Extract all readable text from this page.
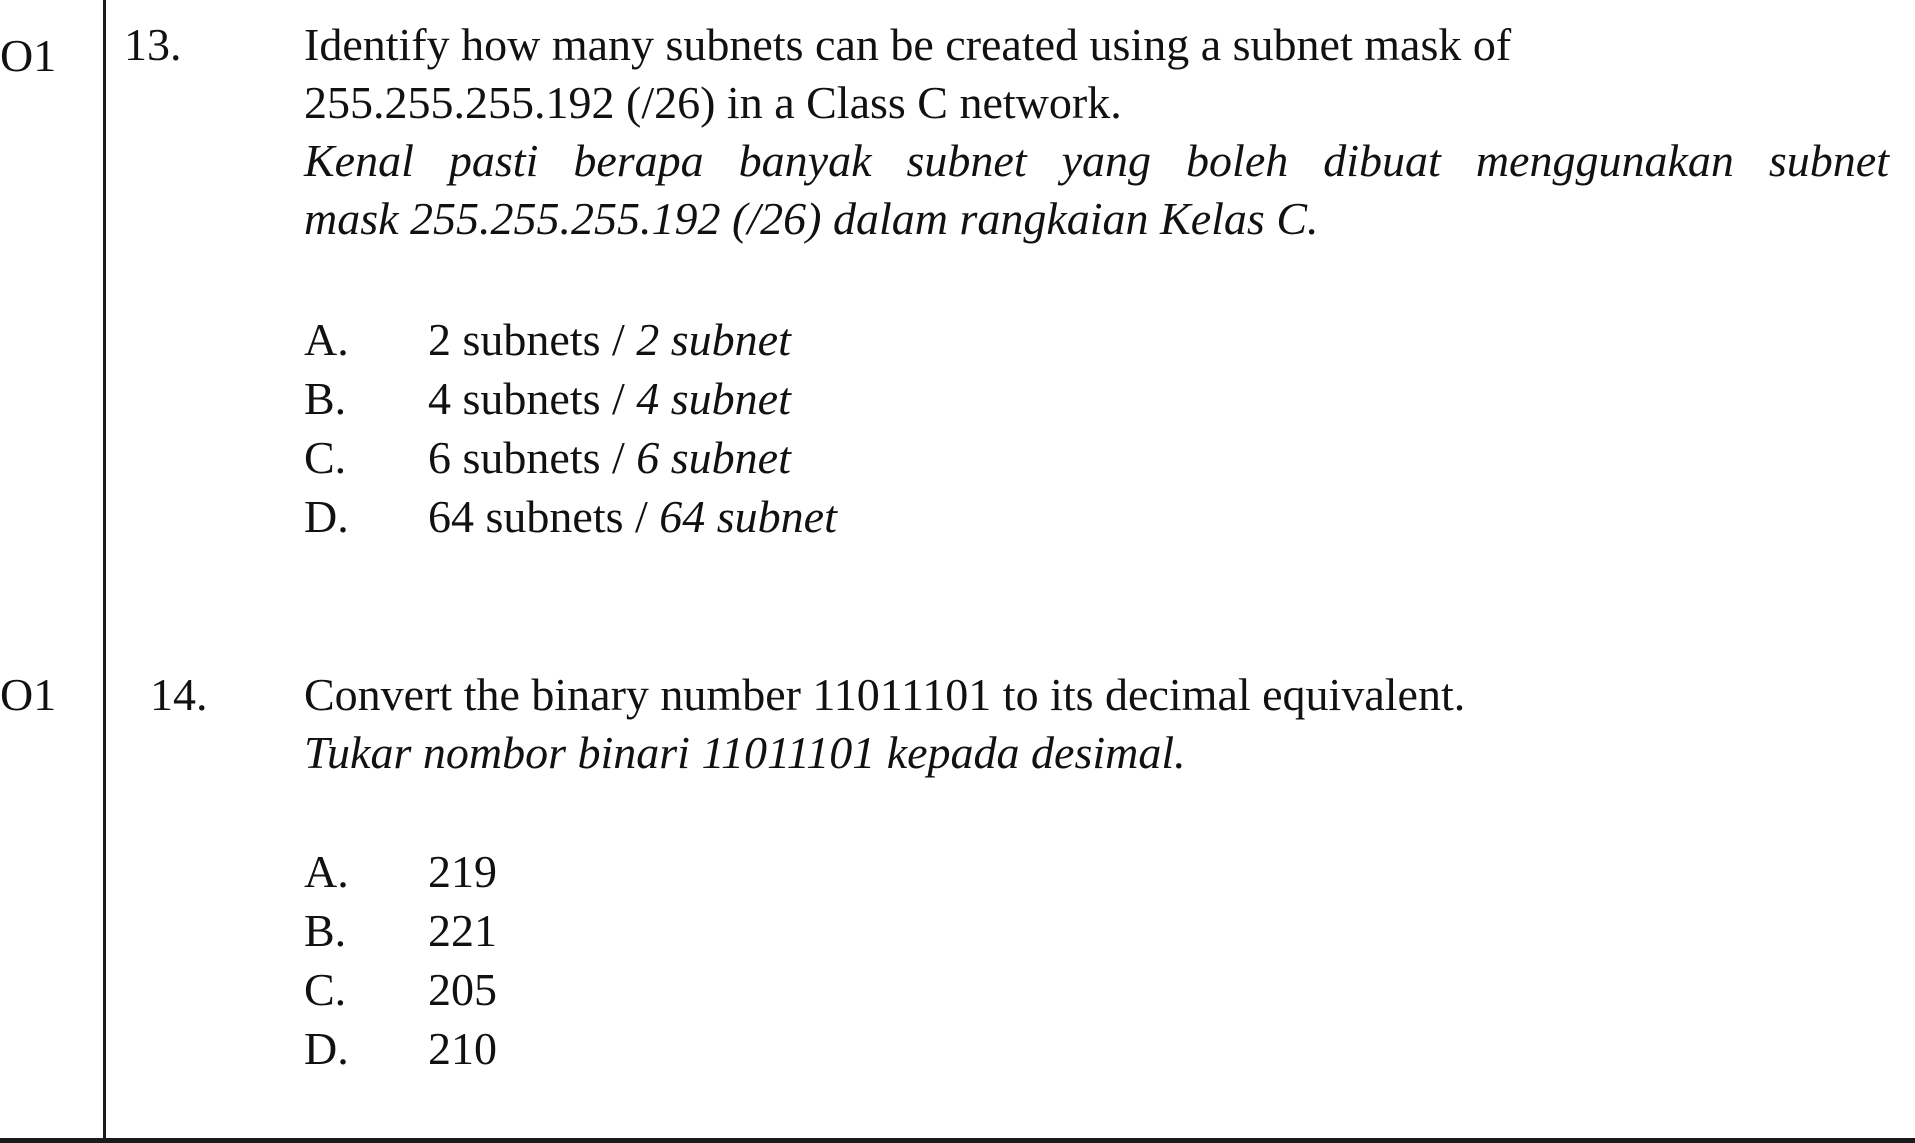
O1 13.	Identify how many subnets can be created using a subnet mask of
255.255.255.192 (/26) in a Class C network.
Kenal pasti berapa banyak subnet yang boleh dibuat menggunakan subnet
mask 255.255.255.192 (/26) dalam rangkaian Kelas C.
A. 2 subnets / 2 subnet
B. 4 subnets / 4 subnet
C. 6 subnets / 6 subnet
D. 64 subnets / 64 subnet
O1 14. Convert the binary number 11011101 to its decimal equivalent.
Tukar nombor binari 11011101 kepada desimal.
A. 219
B. 221
C. 205
D. 210
